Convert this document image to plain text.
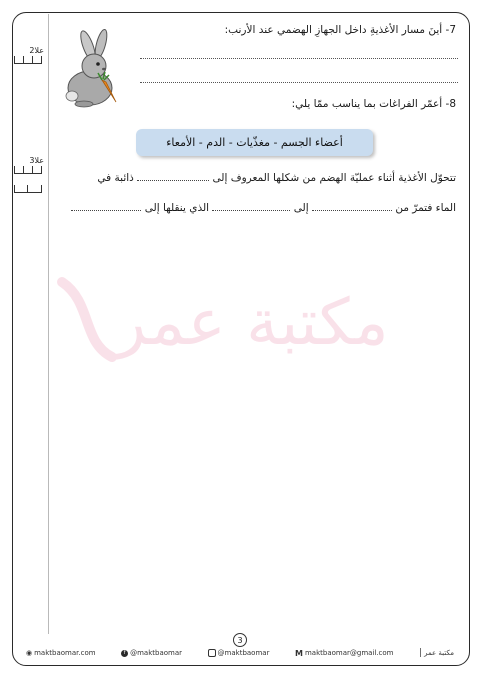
علا2
علا3
7- أينَ مسار الأغذيةِ داخل الجهازِ الهضمي عند الأرنب:
8- أعمّر الفراغات بما يناسب ممّا يلي:
أعضاء الجسم - مغذّيات - الدم - الأمعاء
تتحوّل الأغذية أثناء عمليّة الهضم من شكلها المعروف إلى  ذائبة في
الماء فتمرّ من  إلى  الذي ينقلها إلى
مكتبة عمر
3
◉ maktbaomar.com	f @maktbaomar	@maktbaomar	M maktbaomar@gmail.com	| مكتبة عمر
